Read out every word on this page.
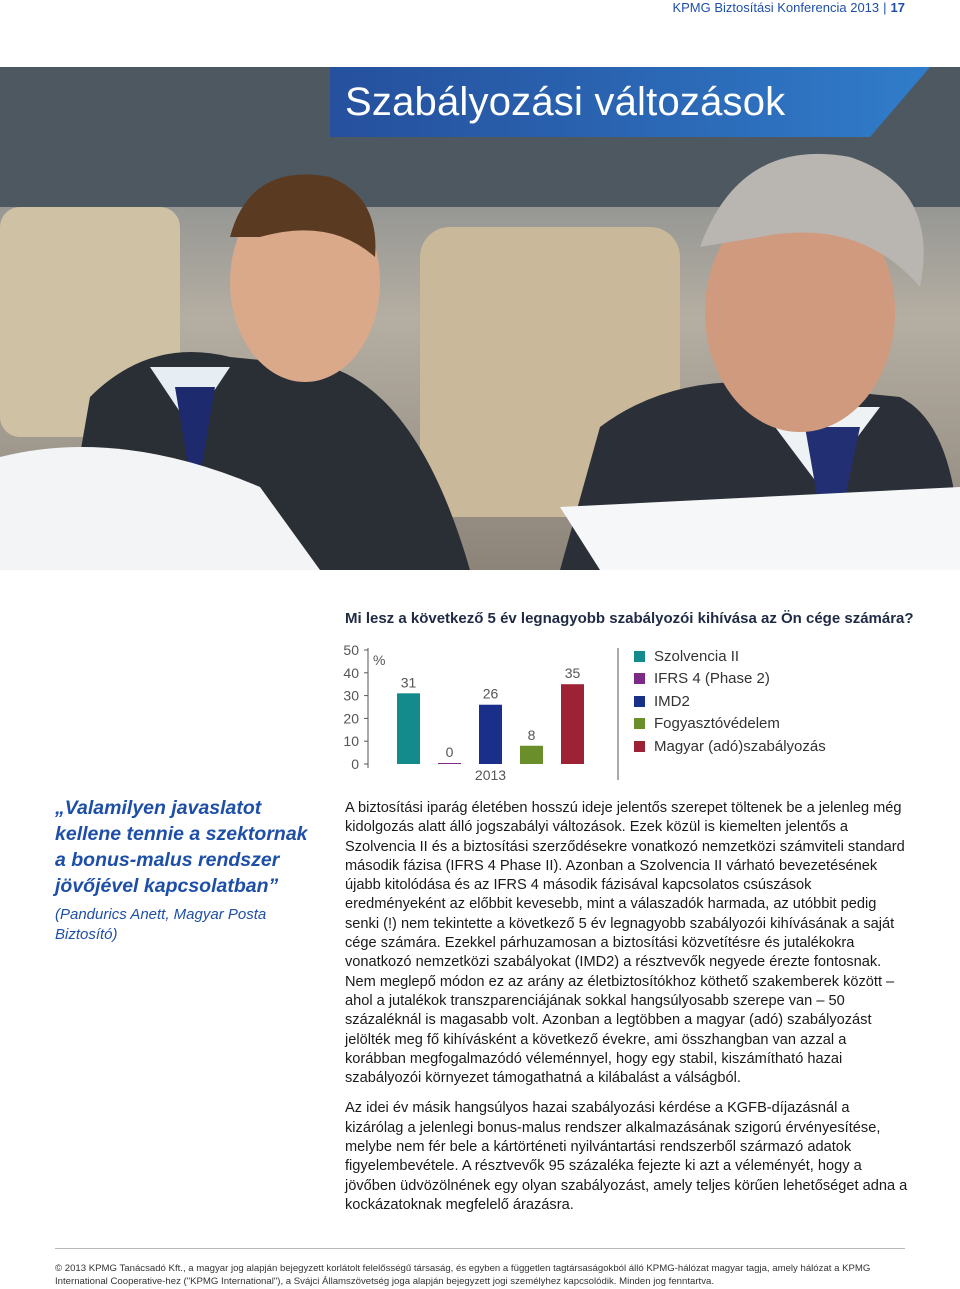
KPMG Biztosítási Konferencia 2013 | 17
Szabályozási változások
Mi lesz a következő 5 év legnagyobb szabályozói kihívása az Ön cége számára?
50
40
30
20
10
0
%
31
0
26
8
35
2013
Szolvencia II
IFRS 4 (Phase 2)
IMD2
Fogyasztóvédelem
Magyar (adó)szabályozás
„Valamilyen javaslatot kellene tennie a szektornak a bonus-malus rendszer jövőjével kapcsolatban”
(Pandurics Anett, Magyar Posta Biztosító)

A biztosítási iparág életében hosszú ideje jelentős szerepet töltenek be a jelenleg még kidolgozás alatt álló jogszabályi változások. Ezek közül is kiemelten jelentős a Szolvencia II és a biztosítási szerződésekre vonatkozó nemzetközi számviteli standard második fázisa (IFRS 4 Phase II). Azonban a Szolvencia II várható bevezetésének újabb kitolódása és az IFRS 4 második fázisával kapcsolatos csúszások eredményeként az előbbit kevesebb, mint a válaszadók harmada, az utóbbit pedig senki (!) nem tekintette a következő 5 év legnagyobb szabályozói kihívásának a saját cége számára. Ezekkel párhuzamosan a biztosítási közvetítésre és jutalékokra vonatkozó nemzetközi szabályokat (IMD2) a résztvevők negyede érezte fontosnak. Nem meglepő módon ez az arány az életbiztosítókhoz köthető szakemberek között – ahol a jutalékok transzparenciájának sokkal hangsúlyosabb szerepe van – 50 százaléknál is magasabb volt. Azonban a legtöbben a magyar (adó) szabályozást jelölték meg fő kihívásként a következő évekre, ami összhangban van azzal a korábban megfogalmazódó véleménnyel, hogy egy stabil, kiszámítható hazai szabályozói környezet támogathatná a kilábalást a válságból.

Az idei év másik hangsúlyos hazai szabályozási kérdése a KGFB-díjazásnál a kizárólag a jelenlegi bonus-malus rendszer alkalmazásának szigorú érvényesítése, melybe nem fér bele a kártörténeti nyilvántartási rendszerből származó adatok figyelembevétele. A résztvevők 95 százaléka fejezte ki azt a véleményét, hogy a jövőben üdvözölnének egy olyan szabályozást, amely teljes körűen lehetőséget adna a kockázatoknak megfelelő árazásra.

© 2013 KPMG Tanácsadó Kft., a magyar jog alapján bejegyzett korlátolt felelősségű társaság, és egyben a független tagtársaságokból álló KPMG-hálózat magyar tagja, amely hálózat a KPMG International Cooperative-hez ("KPMG International"), a Svájci Államszövetség joga alapján bejegyzett jogi személyhez kapcsolódik. Minden jog fenntartva.
